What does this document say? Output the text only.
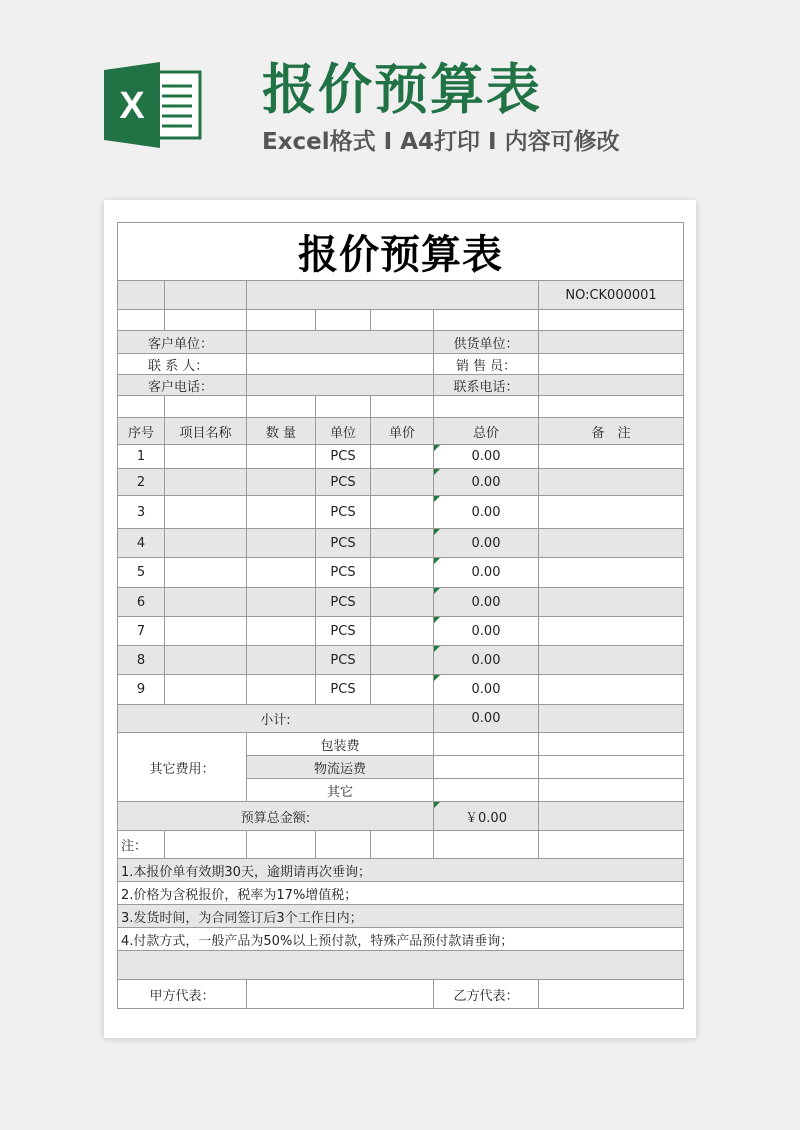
X 报价预算表
Excel格式 I A4打印 I 内容可修改
报价预算表						
						NO:CK000001

客户单位：					供货单位：	
联 系 人：					销 售 员：	
客户电话：					联系电话：	

序号	项目名称	数 量	单位	单价	总价	备　注
1			PCS		0.00	
2			PCS		0.00	
3			PCS		0.00	
4			PCS		0.00	
5			PCS		0.00	
6			PCS		0.00	
7			PCS		0.00	
8			PCS		0.00	
9			PCS		0.00	
小计:					0.00	
其它费用：		包装费				
		物流运费				
		其它				
预算总金额:					￥0.00	
注：						
1.本报价单有效期30天，逾期请再次垂询；						
2.价格为含税报价，税率为17%增值税；						
3.发货时间，为合同签订后3个工作日内；						
4.付款方式，一般产品为50%以上预付款，特殊产品预付款请垂询；						

甲方代表：					乙方代表：	
